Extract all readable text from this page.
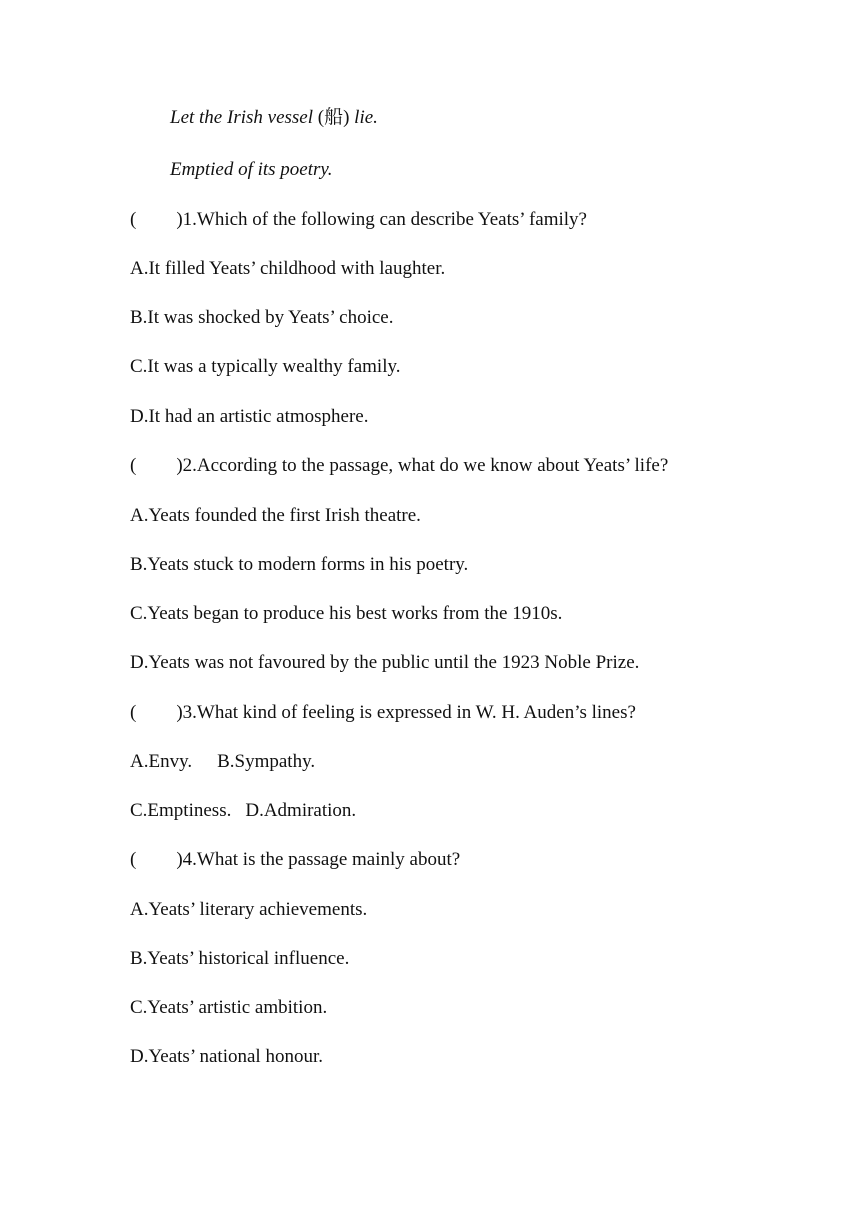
Let the Irish vessel (船) lie.
Emptied of its poetry.
( )1.Which of the following can describe Yeats’ family?
A.It filled Yeats’ childhood with laughter.
B.It was shocked by Yeats’ choice.
C.It was a typically wealthy family.
D.It had an artistic atmosphere.
( )2.According to the passage, what do we know about Yeats’ life?
A.Yeats founded the first Irish theatre.
B.Yeats stuck to modern forms in his poetry.
C.Yeats began to produce his best works from the 1910s.
D.Yeats was not favoured by the public until the 1923 Noble Prize.
( )3.What kind of feeling is expressed in W. H. Auden’s lines?
A.Envy. B.Sympathy.
C.Emptiness. D.Admiration.
( )4.What is the passage mainly about?
A.Yeats’ literary achievements.
B.Yeats’ historical influence.
C.Yeats’ artistic ambition.
D.Yeats’ national honour.
